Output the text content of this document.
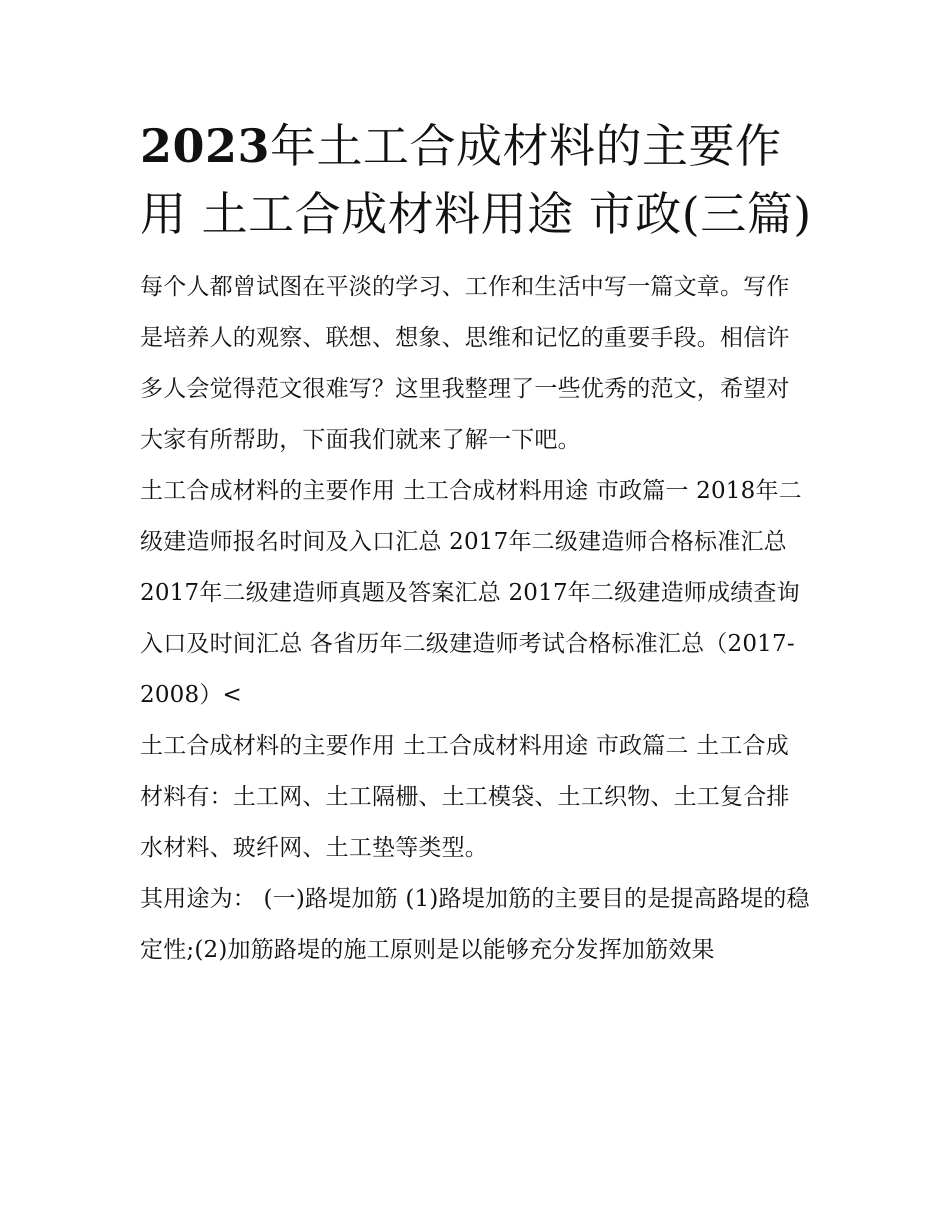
2023年土工合成材料的主要作用 土工合成材料用途 市政(三篇)

每个人都曾试图在平淡的学习、工作和生活中写一篇文章。写作是培养人的观察、联想、想象、思维和记忆的重要手段。相信许多人会觉得范文很难写？这里我整理了一些优秀的范文，希望对大家有所帮助，下面我们就来了解一下吧。

土工合成材料的主要作用 土工合成材料用途 市政篇一 2018年二级建造师报名时间及入口汇总 2017年二级建造师合格标准汇总

2017年二级建造师真题及答案汇总 2017年二级建造师成绩查询入口及时间汇总 各省历年二级建造师考试合格标准汇总（2017-2008）<

土工合成材料的主要作用 土工合成材料用途 市政篇二 土工合成材料有：土工网、土工隔栅、土工模袋、土工织物、土工复合排水材料、玻纤网、土工垫等类型。

其用途为： (一)路堤加筋 (1)路堤加筋的主要目的是提高路堤的稳定性;(2)加筋路堤的施工原则是以能够充分发挥加筋效果
